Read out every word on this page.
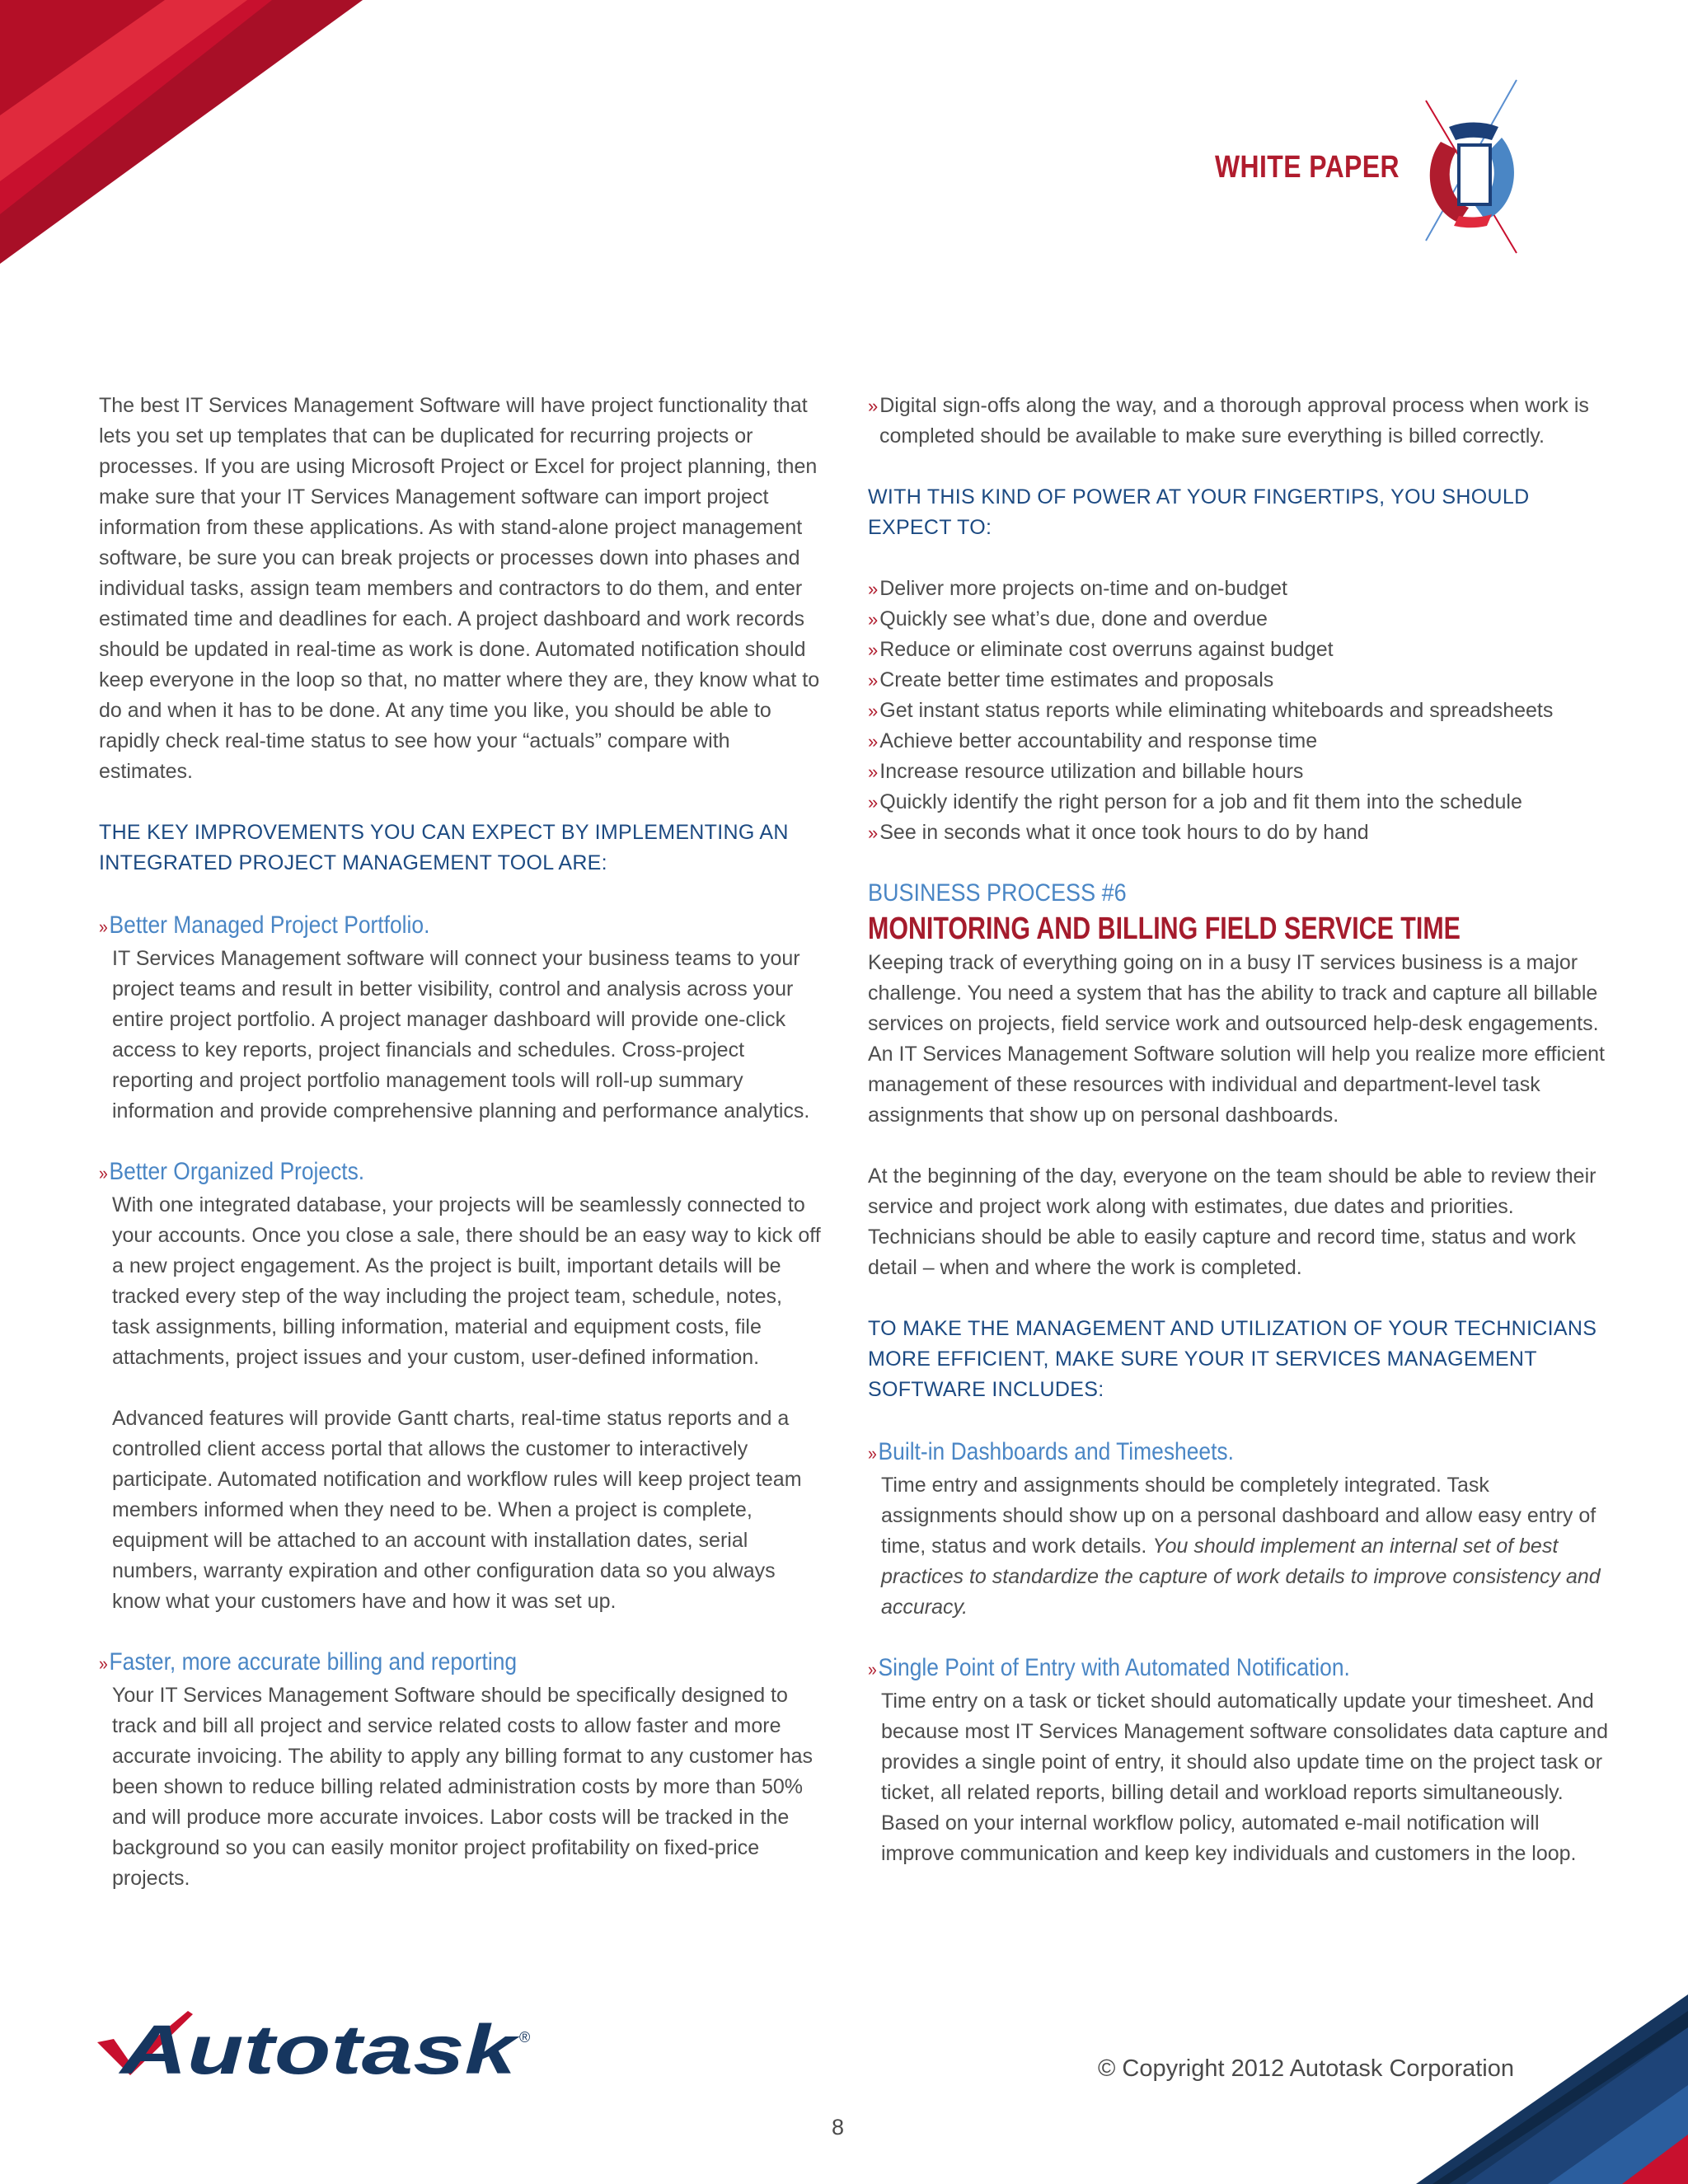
WHITE PAPER

The best IT Services Management Software will have project functionality that lets you set up templates that can be duplicated for recurring projects or processes. If you are using Microsoft Project or Excel for project planning, then make sure that your IT Services Management software can import project information from these applications. As with stand-alone project management software, be sure you can break projects or processes down into phases and individual tasks, assign team members and contractors to do them, and enter estimated time and deadlines for each. A project dashboard and work records should be updated in real-time as work is done. Automated notification should keep everyone in the loop so that, no matter where they are, they know what to do and when it has to be done. At any time you like, you should be able to rapidly check real-time status to see how your “actuals” compare with estimates.

THE KEY IMPROVEMENTS YOU CAN EXPECT BY IMPLEMENTING AN INTEGRATED PROJECT MANAGEMENT TOOL ARE:

»Better Managed Project Portfolio.

IT Services Management software will connect your business teams to your project teams and result in better visibility, control and analysis across your entire project portfolio. A project manager dashboard will provide one-click access to key reports, project financials and schedules. Cross-project reporting and project portfolio management tools will roll-up summary information and provide comprehensive planning and performance analytics.

»Better Organized Projects.

With one integrated database, your projects will be seamlessly connected to your accounts. Once you close a sale, there should be an easy way to kick off a new project engagement. As the project is built, important details will be tracked every step of the way including the project team, schedule, notes, task assignments, billing information, material and equipment costs, file attachments, project issues and your custom, user-defined information.

Advanced features will provide Gantt charts, real-time status reports and a controlled client access portal that allows the customer to interactively participate. Automated notification and workflow rules will keep project team members informed when they need to be. When a project is complete, equipment will be attached to an account with installation dates, serial numbers, warranty expiration and other configuration data so you always know what your customers have and how it was set up.

»Faster, more accurate billing and reporting

Your IT Services Management Software should be specifically designed to track and bill all project and service related costs to allow faster and more accurate invoicing. The ability to apply any billing format to any customer has been shown to reduce billing related administration costs by more than 50% and will produce more accurate invoices. Labor costs will be tracked in the background so you can easily monitor project profitability on fixed-price projects.

»Digital sign-offs along the way, and a thorough approval process when work is completed should be available to make sure everything is billed correctly.

WITH THIS KIND OF POWER AT YOUR FINGERTIPS, YOU SHOULD EXPECT TO:

»Deliver more projects on-time and on-budget

»Quickly see what’s due, done and overdue

»Reduce or eliminate cost overruns against budget

»Create better time estimates and proposals

»Get instant status reports while eliminating whiteboards and spreadsheets

»Achieve better accountability and response time

»Increase resource utilization and billable hours

»Quickly identify the right person for a job and fit them into the schedule

»See in seconds what it once took hours to do by hand

BUSINESS PROCESS #6

MONITORING AND BILLING FIELD SERVICE TIME

Keeping track of everything going on in a busy IT services business is a major challenge. You need a system that has the ability to track and capture all billable services on projects, field service work and outsourced help-desk engagements. An IT Services Management Software solution will help you realize more efficient management of these resources with individual and department-level task assignments that show up on personal dashboards.

At the beginning of the day, everyone on the team should be able to review their service and project work along with estimates, due dates and priorities. Technicians should be able to easily capture and record time, status and work detail – when and where the work is completed.

TO MAKE THE MANAGEMENT AND UTILIZATION OF YOUR TECHNICIANS MORE EFFICIENT, MAKE SURE YOUR IT SERVICES MANAGEMENT SOFTWARE INCLUDES:

»Built-in Dashboards and Timesheets.

Time entry and assignments should be completely integrated. Task assignments should show up on a personal dashboard and allow easy entry of time, status and work details. You should implement an internal set of best practices to standardize the capture of work details to improve consistency and accuracy.

»Single Point of Entry with Automated Notification.

Time entry on a task or ticket should automatically update your timesheet. And because most IT Services Management software consolidates data capture and provides a single point of entry, it should also update time on the project task or ticket, all related reports, billing detail and workload reports simultaneously. Based on your internal workflow policy, automated e-mail notification will improve communication and keep key individuals and customers in the loop.

Autotask
®
© Copyright 2012 Autotask Corporation
8
